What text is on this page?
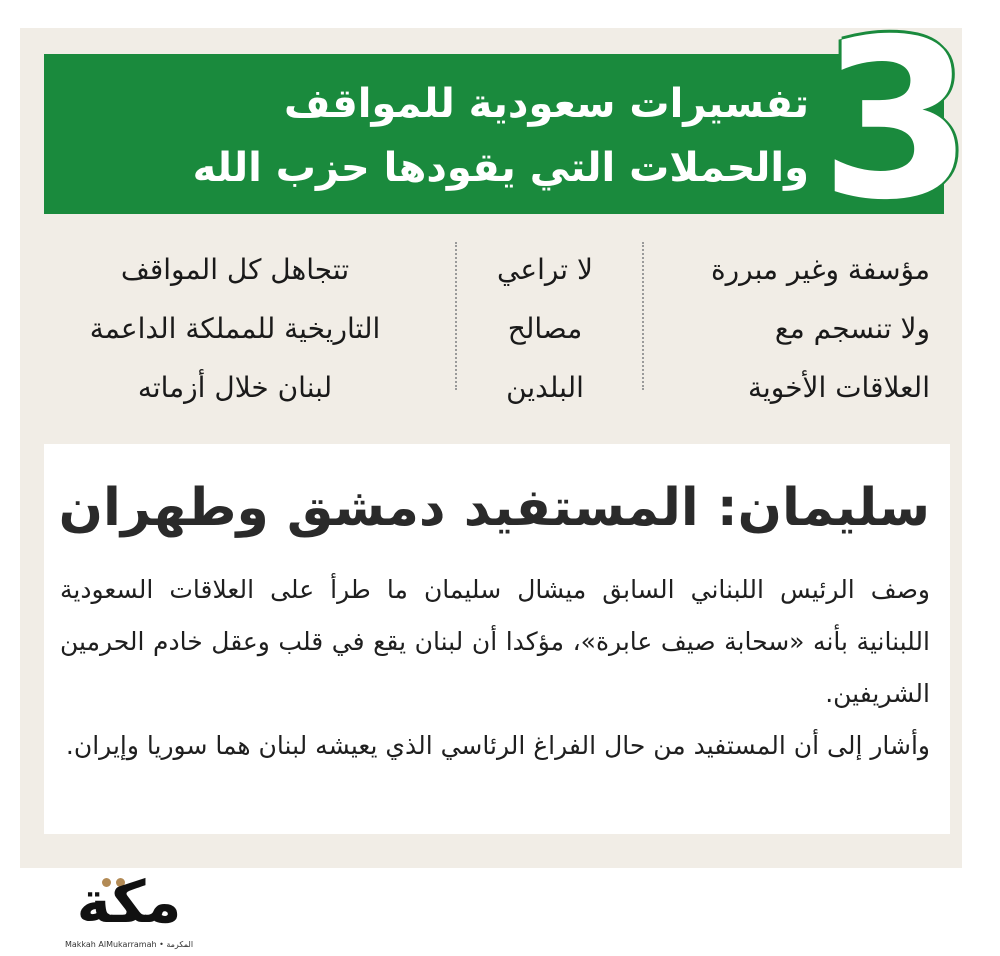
تفسيرات سعودية للمواقف
والحملات التي يقودها حزب الله 3
مؤسفة وغير مبررة
ولا تنسجم مع
العلاقات الأخوية
لا تراعي
مصالح
البلدين
تتجاهل كل المواقف
التاريخية للمملكة الداعمة
لبنان خلال أزماته
سليمان: المستفيد دمشق وطهران

وصف الرئيس اللبناني السابق ميشال سليمان ما طرأ على العلاقات السعودية اللبنانية بأنه «سحابة صيف عابرة»، مؤكدا أن لبنان يقع في قلب وعقل خادم الحرمين الشريفين.

وأشار إلى أن المستفيد من حال الفراغ الرئاسي الذي يعيشه لبنان هما سوريا وإيران.

مكة
Makkah AlMukarramah • المكرمة
